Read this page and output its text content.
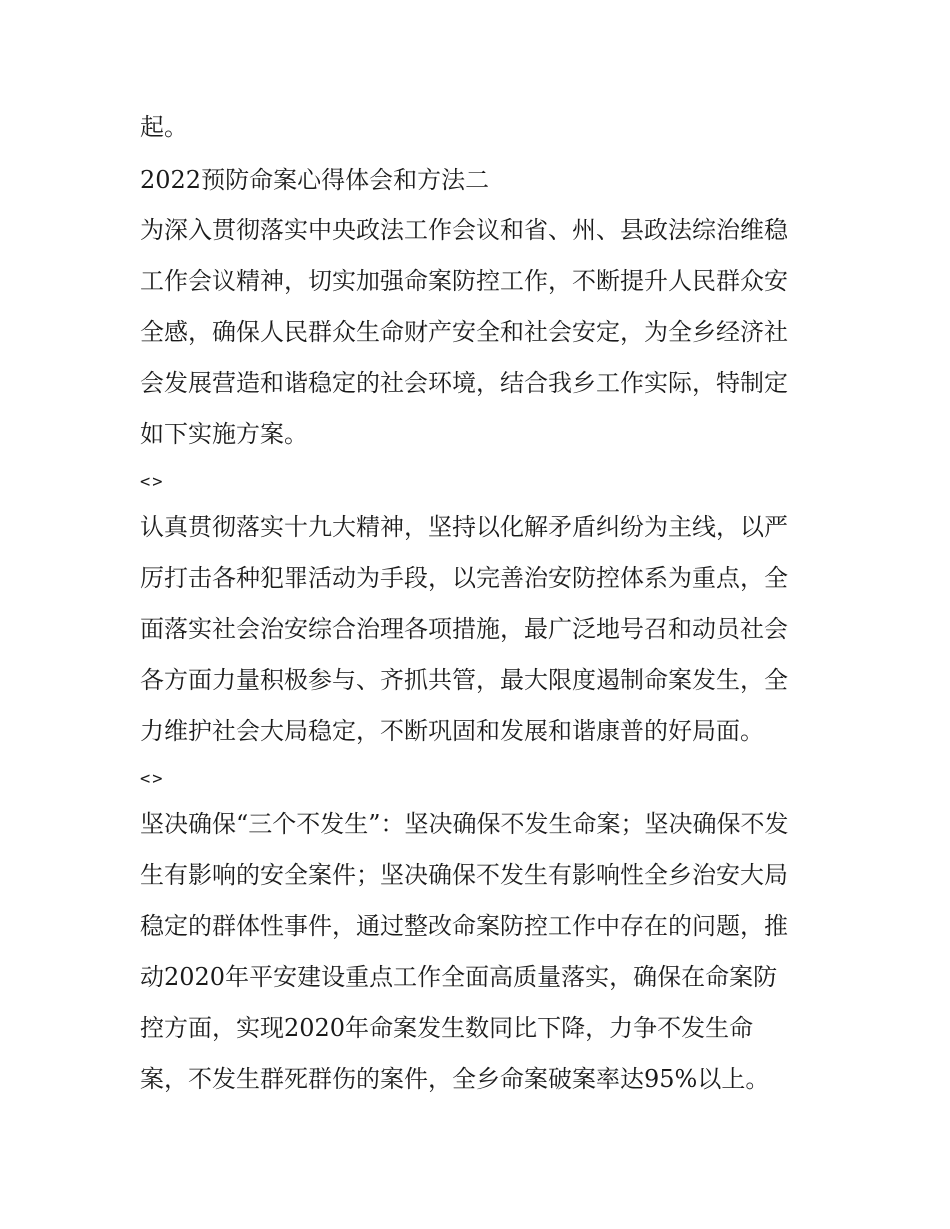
起。
2022预防命案心得体会和方法二
为深入贯彻落实中央政法工作会议和省、州、县政法综治维稳
工作会议精神，切实加强命案防控工作，不断提升人民群众安
全感，确保人民群众生命财产安全和社会安定，为全乡经济社
会发展营造和谐稳定的社会环境，结合我乡工作实际，特制定
如下实施方案。
<>
认真贯彻落实十九大精神，坚持以化解矛盾纠纷为主线，以严
厉打击各种犯罪活动为手段，以完善治安防控体系为重点，全
面落实社会治安综合治理各项措施，最广泛地号召和动员社会
各方面力量积极参与、齐抓共管，最大限度遏制命案发生，全
力维护社会大局稳定，不断巩固和发展和谐康普的好局面。
<>
坚决确保“三个不发生”：坚决确保不发生命案；坚决确保不发
生有影响的安全案件；坚决确保不发生有影响性全乡治安大局
稳定的群体性事件，通过整改命案防控工作中存在的问题，推
动2020年平安建设重点工作全面高质量落实，确保在命案防
控方面，实现2020年命案发生数同比下降，力争不发生命
案，不发生群死群伤的案件，全乡命案破案率达95%以上。
